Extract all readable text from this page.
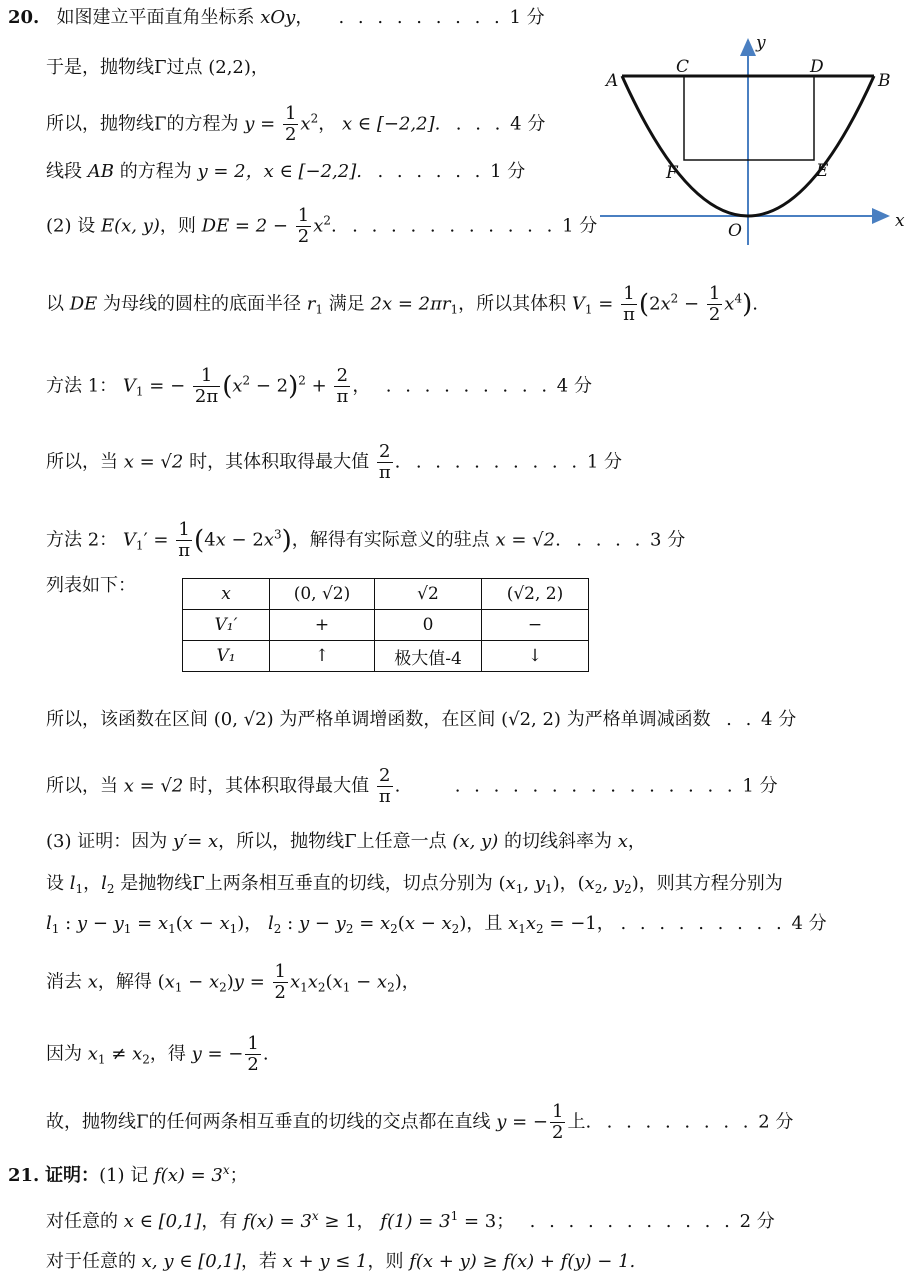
20. 如图建立平面直角坐标系 xOy，   . . . . . . . . . 1 分
于是，抛物线Γ过点 (2,2)，
所以，抛物线Γ的方程为 $y = \frac{1}{2} x^2$， x ∈ [−2,2].  . . . 4 分
线段 AB 的方程为 y = 2，x ∈ [−2,2].  . . . . . . 1 分
(2) 设 E(x, y)，则 DE = $2 - \frac{1}{2} x^2$.  . . . . . . . . . . . 1 分
以 DE 为母线的圆柱的底面半径 $r_1$ 满足 $2x = 2\pi r_1$，所以其体积 $V_1 = \frac{1}{\pi} (2x^2 - \frac{1}{2} x^4)$.
方法 1： $V_1$ = − $\frac{1}{2\pi} (x^2 - 2)^2 + \frac{2}{\pi}$ ，  . . . . . . . . . 4 分
所以，当 x = √2 时，其体积取得最大值 $\frac{2}{\pi}$ .  . . . . . . . . . 1 分
方法 2： $V_1' = \frac{1}{\pi} (4x - 2x^3)$，解得有实际意义的驻点 x = √2.  . . . . 3 分
列表如下：	x	(0, √2)	√2	(√2, 2)
V₁′	+	0	−
V₁	↑	极大值-4	↓
所以，该函数在区间 (0, √2) 为严格单调增函数，在区间 (√2, 2) 为严格单调减函数  . . 4 分
所以，当 x = √2 时，其体积取得最大值 $\frac{2}{\pi}$ .      . . . . . . . . . . . . . . . 1 分
(3) 证明：因为 y′= x，所以，抛物线Γ上任意一点 (x, y) 的切线斜率为 x，
设 $l_1$，$l_2$ 是抛物线Γ上两条相互垂直的切线，切点分别为 ($x_1$, $y_1$)，($x_2$, $y_2$)，则其方程分别为
$l_1$ : $y - y_1 = x_1(x - x_1)$， $l_2$ : $y - y_2 = x_2(x - x_2)$，且 $x_1x_2 = -1$， . . . . . . . . . 4 分
消去 x，解得 $(x_1 - x_2)y = \frac{1}{2} x_1x_2(x_1 - x_2)$，
因为 $x_1 \ne x_2$，得 y = − $\frac{1}{2}$ .
故，抛物线Γ的任何两条相互垂直的切线的交点都在直线 y = − $\frac{1}{2}$ 上.  . . . . . . . . 2 分
21. 证明：(1) 记 $f(x) = 3^x$；
对任意的 x ∈ [0,1]，有 $f(x) = 3^x \ge 1$， $f(1) = 3^1 = 3$；  . . . . . . . . . . . 2 分
对于任意的 x, y ∈ [0,1]，若 x + y ≤ 1，则 f(x + y) ≥ f(x) + f(y) − 1.
A	B
C	D
E
F
O	x
y
